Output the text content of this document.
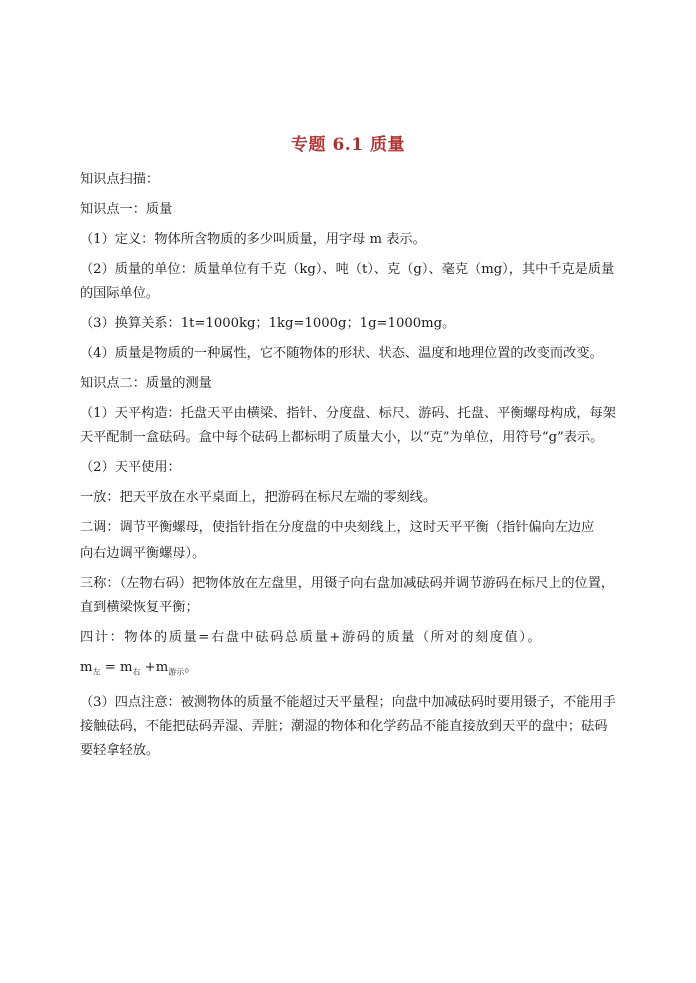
专题 6.1 质量

知识点扫描：

知识点一：质量

（1）定义：物体所含物质的多少叫质量，用字母 m 表示。

（2）质量的单位：质量单位有千克（kg）、吨（t）、克（g）、毫克（mg），其中千克是质量的国际单位。

（3）换算关系：1t=1000kg；1kg=1000g；1g=1000mg。

（4）质量是物质的一种属性，它不随物体的形状、状态、温度和地理位置的改变而改变。

知识点二：质量的测量

（1）天平构造：托盘天平由横梁、指针、分度盘、标尺、游码、托盘、平衡螺母构成，每架天平配制一盒砝码。盒中每个砝码上都标明了质量大小，以“克”为单位，用符号“g”表示。

（2）天平使用：

一放：把天平放在水平桌面上，把游码在标尺左端的零刻线。

二调：调节平衡螺母，使指针指在分度盘的中央刻线上，这时天平平衡（指针偏向左边应

向右边调平衡螺母）。

三称：（左物右码）把物体放在左盘里，用镊子向右盘加减砝码并调节游码在标尺上的位置，直到横梁恢复平衡；

四计：物体的质量=右盘中砝码总质量+游码的质量（所对的刻度值）。

$m_左 = m_右 +m_{游示}$。

（3）四点注意：被测物体的质量不能超过天平量程；向盘中加减砝码时要用镊子，不能用手接触砝码，不能把砝码弄湿、弄脏；潮湿的物体和化学药品不能直接放到天平的盘中；砝码要轻拿轻放。
